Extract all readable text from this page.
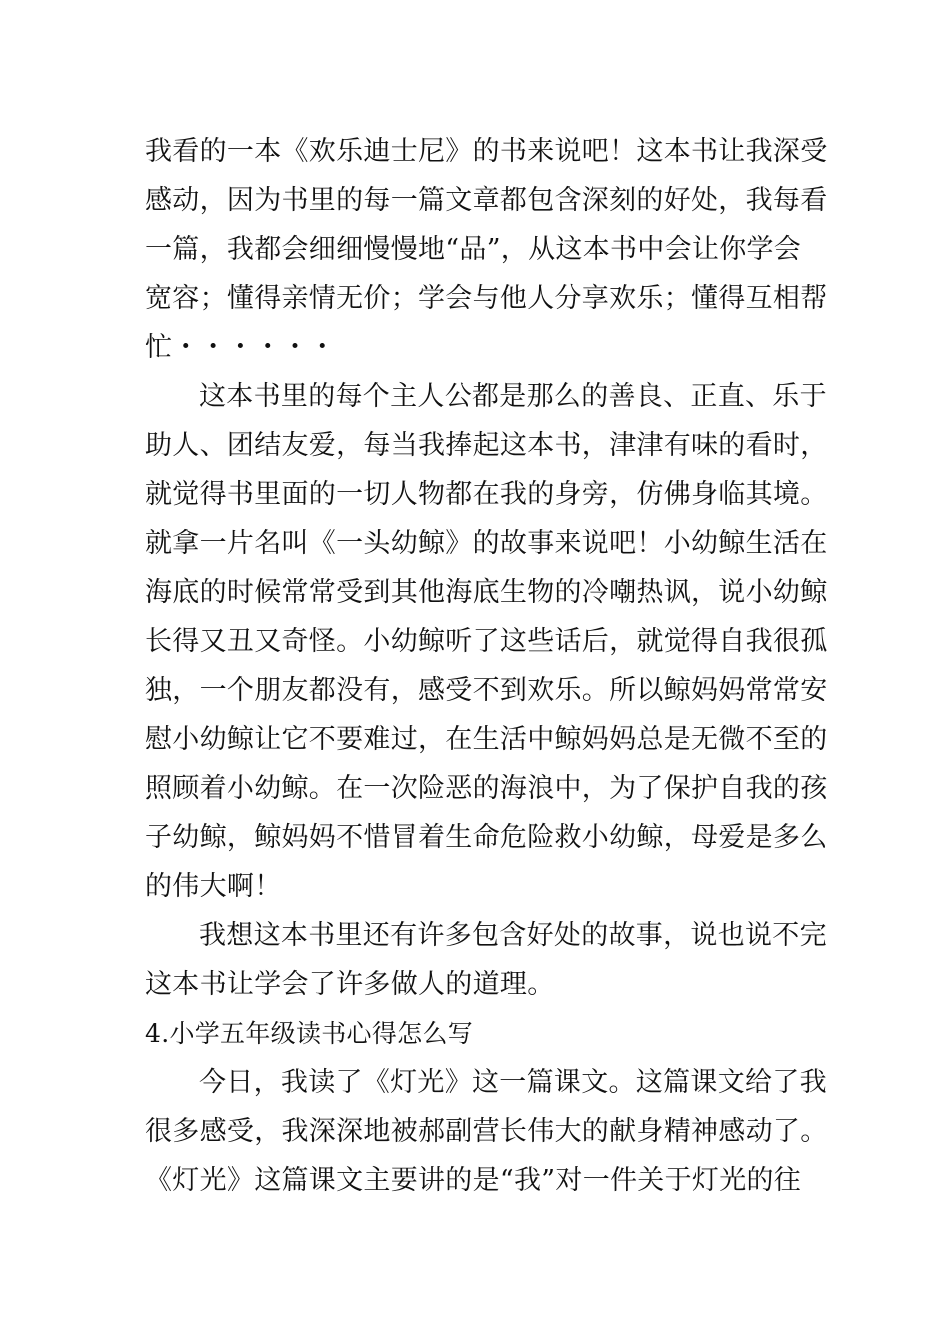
我看的一本《欢乐迪士尼》的书来说吧！这本书让我深受
感动，因为书里的每一篇文章都包含深刻的好处，我每看
一篇，我都会细细慢慢地“品”，从这本书中会让你学会
宽容；懂得亲情无价；学会与他人分享欢乐；懂得互相帮
忙・・・・・・
这本书里的每个主人公都是那么的善良、正直、乐于
助人、团结友爱，每当我捧起这本书，津津有味的看时，
就觉得书里面的一切人物都在我的身旁，仿佛身临其境。
就拿一片名叫《一头幼鲸》的故事来说吧！小幼鲸生活在
海底的时候常常受到其他海底生物的冷嘲热讽，说小幼鲸
长得又丑又奇怪。小幼鲸听了这些话后，就觉得自我很孤
独，一个朋友都没有，感受不到欢乐。所以鲸妈妈常常安
慰小幼鲸让它不要难过，在生活中鲸妈妈总是无微不至的
照顾着小幼鲸。在一次险恶的海浪中，为了保护自我的孩
子幼鲸，鲸妈妈不惜冒着生命危险救小幼鲸，母爱是多么
的伟大啊！
我想这本书里还有许多包含好处的故事，说也说不完
这本书让学会了许多做人的道理。
4.小学五年级读书心得怎么写
今日，我读了《灯光》这一篇课文。这篇课文给了我
很多感受，我深深地被郝副营长伟大的献身精神感动了。
《灯光》这篇课文主要讲的是“我”对一件关于灯光的往
